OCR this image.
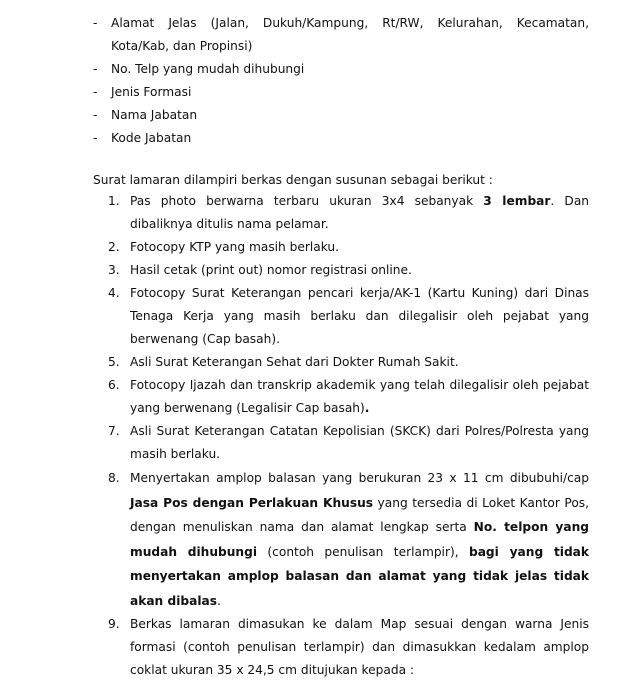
- Alamat Jelas (Jalan, Dukuh/Kampung, Rt/RW, Kelurahan, Kecamatan, Kota/Kab, dan Propinsi)
- No. Telp yang mudah dihubungi
- Jenis Formasi
- Nama Jabatan
- Kode Jabatan
Surat lamaran dilampiri berkas dengan susunan sebagai berikut :
1. Pas photo berwarna terbaru ukuran 3x4 sebanyak 3 lembar. Dan dibaliknya ditulis nama pelamar.
2. Fotocopy KTP yang masih berlaku.
3. Hasil cetak (print out) nomor registrasi online.
4. Fotocopy Surat Keterangan pencari kerja/AK-1 (Kartu Kuning) dari Dinas Tenaga Kerja yang masih berlaku dan dilegalisir oleh pejabat yang berwenang (Cap basah).
5. Asli Surat Keterangan Sehat dari Dokter Rumah Sakit.
6. Fotocopy Ijazah dan transkrip akademik yang telah dilegalisir oleh pejabat yang berwenang (Legalisir Cap basah).
7. Asli Surat Keterangan Catatan Kepolisian (SKCK) dari Polres/Polresta yang masih berlaku.
8. Menyertakan amplop balasan yang berukuran 23 x 11 cm dibubuhi/cap Jasa Pos dengan Perlakuan Khusus yang tersedia di Loket Kantor Pos, dengan menuliskan nama dan alamat lengkap serta No. telpon yang mudah dihubungi (contoh penulisan terlampir), bagi yang tidak menyertakan amplop balasan dan alamat yang tidak jelas tidak akan dibalas.
9. Berkas lamaran dimasukan ke dalam Map sesuai dengan warna Jenis formasi (contoh penulisan terlampir) dan dimasukkan kedalam amplop coklat ukuran 35 x 24,5 cm ditujukan kepada :
